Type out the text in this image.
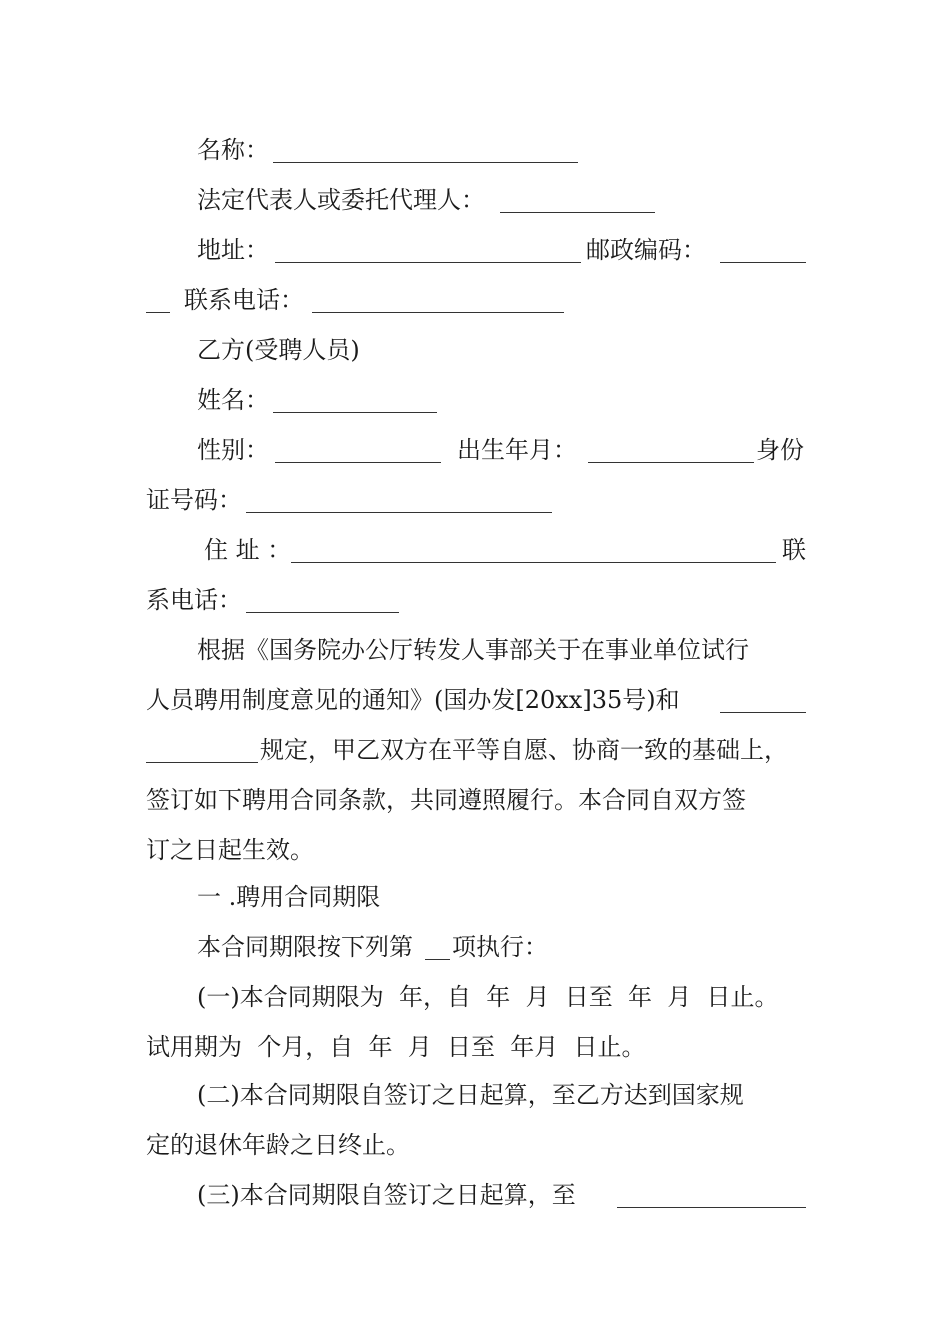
名称：
法定代表人或委托代理人：
地址：	邮政编码：
联系电话：
乙方(受聘人员)
姓名：
性别：	出生年月：	身份
证号码：
住 址 ：	联
系电话：
根据《国务院办公厅转发人事部关于在事业单位试行
人员聘用制度意见的通知》(国办发[20xx]35号)和
规定，甲乙双方在平等自愿、协商一致的基础上，
签订如下聘用合同条款，共同遵照履行。本合同自双方签
订之日起生效。
一 .聘用合同期限
本合同期限按下列第 项执行：
(一)本合同期限为  年，自  年  月  日至  年  月  日止。
试用期为  个月，自  年  月  日至  年月  日止。
(二)本合同期限自签订之日起算，至乙方达到国家规
定的退休年龄之日终止。
(三)本合同期限自签订之日起算，至
